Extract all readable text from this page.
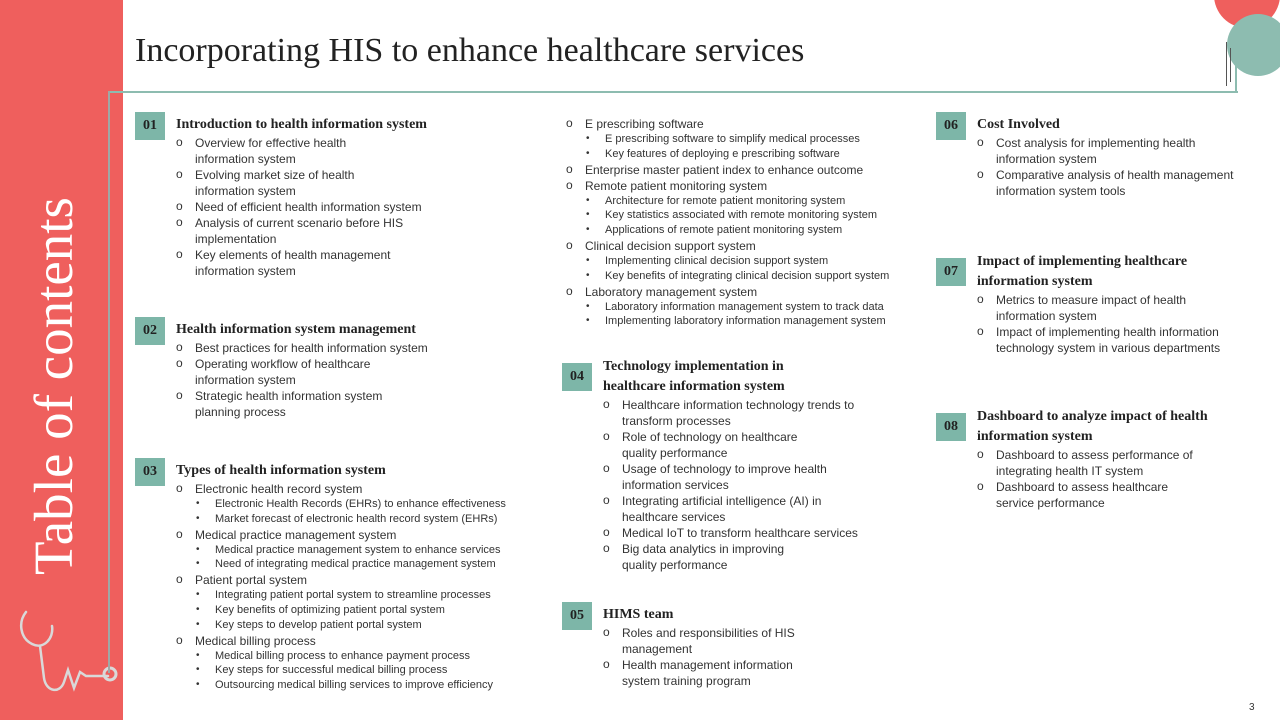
Table of contents
Incorporating HIS to enhance healthcare services
01	Introduction to health information system
o Overview for effective health information system
o Evolving market size of health information system
o Need of efficient health information system
o Analysis of current scenario before HIS implementation
o Key elements of health management information system
02	Health information system management
o Best practices for health information system
o Operating workflow of healthcare information system
o Strategic health information system planning process
03	Types of health information system
o Electronic health record system
• Electronic Health Records (EHRs) to enhance effectiveness
• Market forecast of electronic health record system (EHRs)
o Medical practice management system
• Medical practice management system to enhance services
• Need of integrating medical practice management system
o Patient portal system
• Integrating patient portal system to streamline processes
• Key benefits of optimizing patient portal system
• Key steps to develop patient portal system
o Medical billing process
• Medical billing process to enhance payment process
• Key steps for successful medical billing process
• Outsourcing medical billing services to improve efficiency
o E prescribing software
• E prescribing software to simplify medical processes
• Key features of deploying e prescribing software
o Enterprise master patient index to enhance outcome
o Remote patient monitoring system
• Architecture for remote patient monitoring system
• Key statistics associated with remote monitoring system
• Applications of remote patient monitoring system
o Clinical decision support system
• Implementing clinical decision support system
• Key benefits of integrating clinical decision support system
o Laboratory management system
• Laboratory information management system to track data
• Implementing laboratory information management system
04
Technology implementation in healthcare information system
o Healthcare information technology trends to transform processes
o Role of technology on healthcare quality performance
o Usage of technology to improve health information services
o Integrating artificial intelligence (AI) in healthcare services
o Medical IoT to transform healthcare services
o Big data analytics in improving quality performance
05	HIMS team
o Roles and responsibilities of HIS management
o Health management information system training program
06	Cost Involved
o Cost analysis for implementing health information system
o Comparative analysis of health management information system tools
07
Impact of implementing healthcare information system
o Metrics to measure impact of health information system
o Impact of implementing health information technology system in various departments
08
Dashboard to analyze impact of health information system
o Dashboard to assess performance of integrating health IT system
o Dashboard to assess healthcare service performance
3
